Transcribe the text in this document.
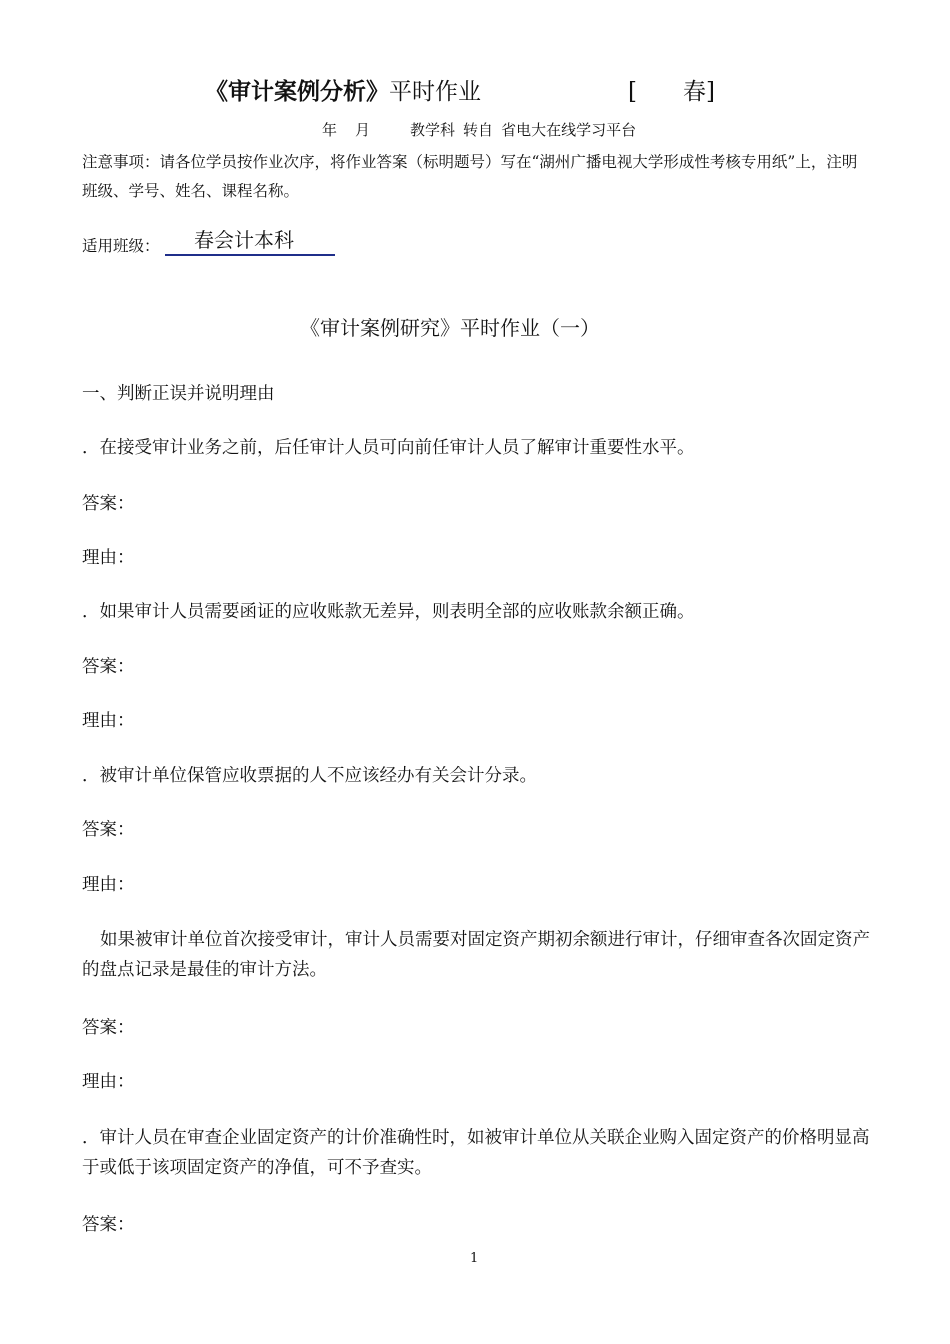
《审计案例分析》平时作业	[ 春]
年 月	教学科 转自 省电大在线学习平台
注意事项：请各位学员按作业次序，将作业答案（标明题号）写在“湖州广播电视大学形成性考核专用纸”上，注明班级、学号、姓名、课程名称。
适用班级： 春会计本科
《审计案例研究》平时作业（一）
一、判断正误并说明理由
．在接受审计业务之前，后任审计人员可向前任审计人员了解审计重要性水平。
答案：
理由：
．如果审计人员需要函证的应收账款无差异，则表明全部的应收账款余额正确。
答案：
理由：
．被审计单位保管应收票据的人不应该经办有关会计分录。
答案：
理由：
如果被审计单位首次接受审计，审计人员需要对固定资产期初余额进行审计，仔细审查各次固定资产的盘点记录是最佳的审计方法。
答案：
理由：
．审计人员在审查企业固定资产的计价准确性时，如被审计单位从关联企业购入固定资产的价格明显高于或低于该项固定资产的净值，可不予查实。
答案：
1
